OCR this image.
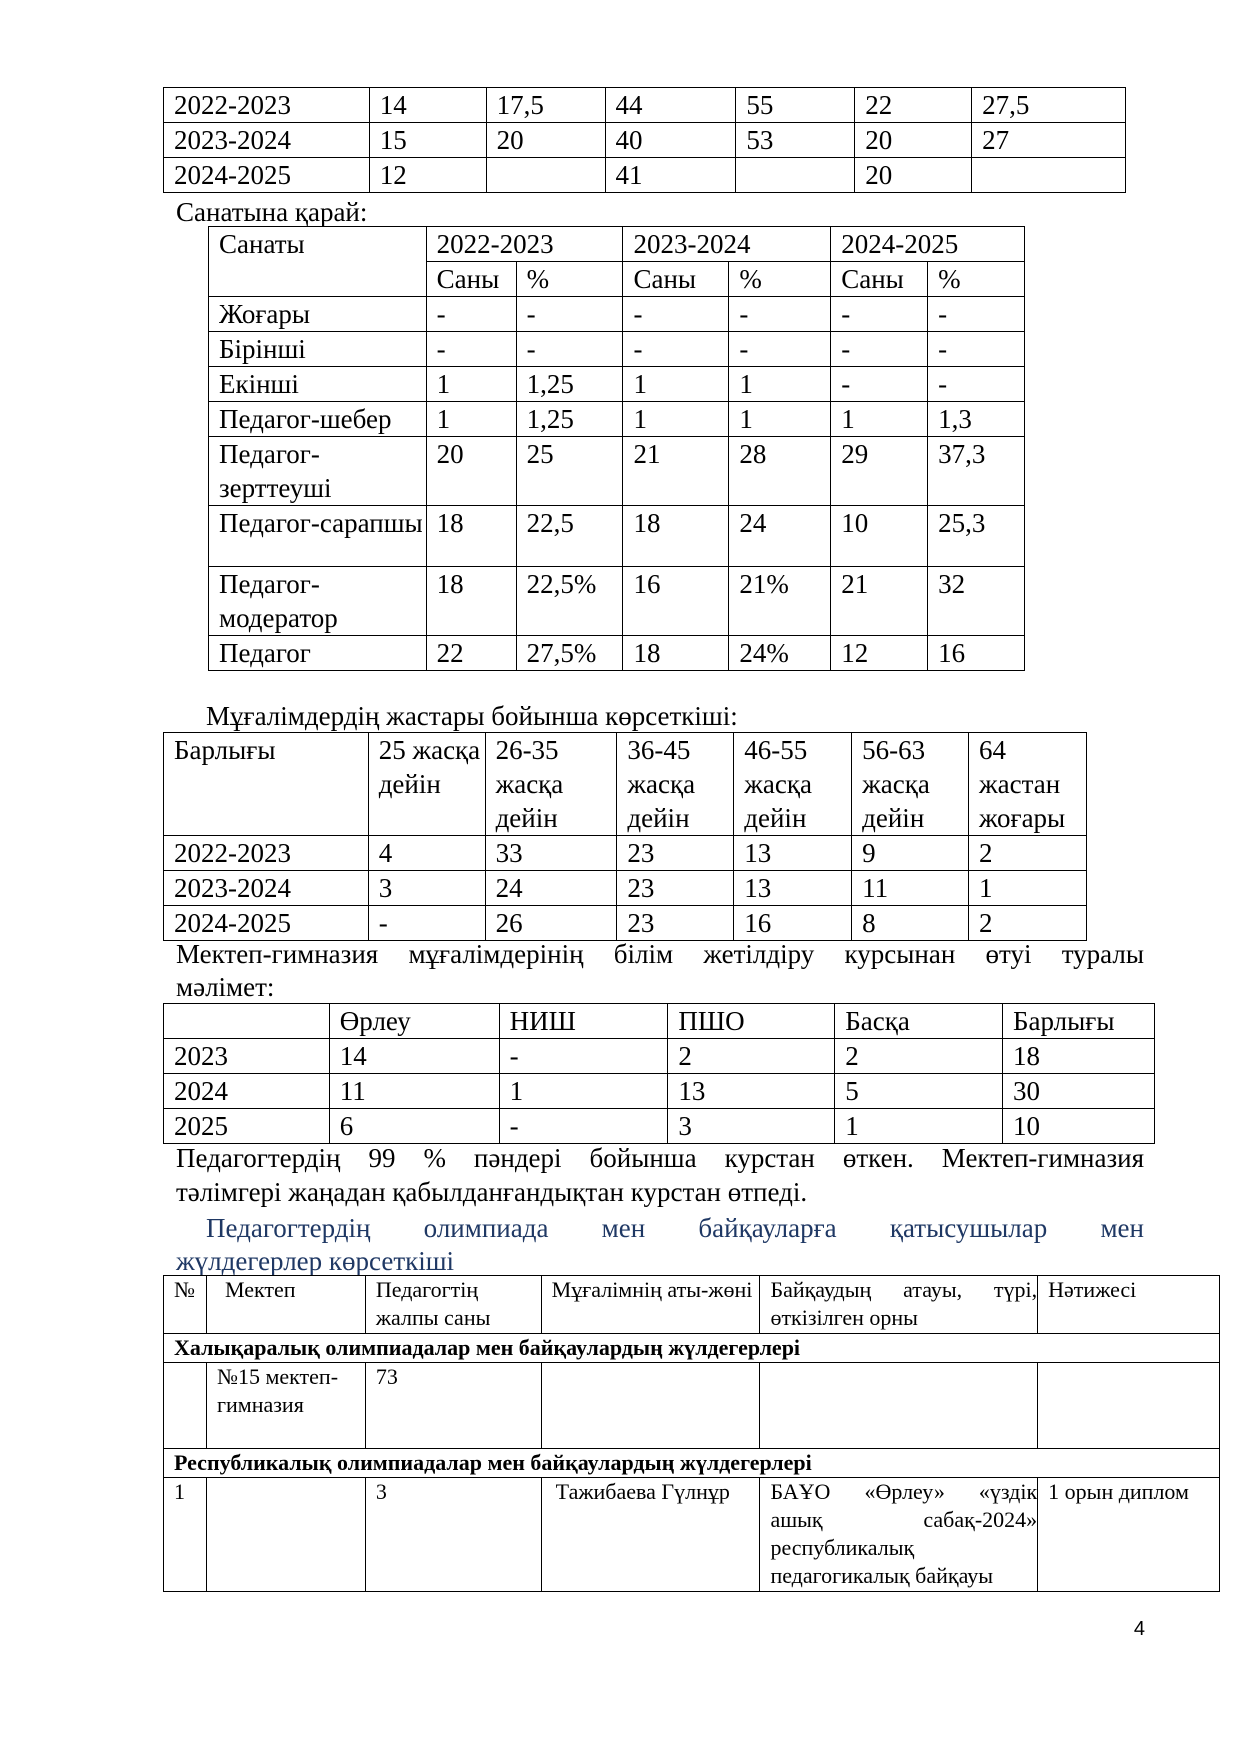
2022-2023	14	17,5	44	55	22	27,5
2023-2024	15	20	40	53	20	27
2024-2025	12		41		20	
Санатына қарай:
Санаты	2022-2023		2023-2024		2024-2025	
	Саны	%	Саны	%	Саны	%
Жоғары	-	-	-	-	-	-
Бірінші	-	-	-	-	-	-
Екінші	1	1,25	1	1	-	-
Педагог-шебер	1	1,25	1	1	1	1,3
Педагог-зерттеуші	20	25	21	28	29	37,3
Педагог-сарапшы	18	22,5	18	24	10	25,3
Педагог-модератор	18	22,5%	16	21%	21	32
Педагог	22	27,5%	18	24%	12	16
Мұғалімдердің жастары бойынша көрсеткіші:
Барлығы	25 жасқа дейін	26-35 жасқа дейін	36-45 жасқа дейін	46-55 жасқа дейін	56-63 жасқа дейін	64 жастан жоғары
2022-2023	4	33	23	13	9	2
2023-2024	3	24	23	13	11	1
2024-2025	-	26	23	16	8	2
Мектеп-гимназия мұғалімдерінің білім жетілдіру курсынан өтуі туралы
мәлімет:
	Өрлеу	НИШ	ПШО	Басқа	Барлығы
2023	14	-	2	2	18
2024	11	1	13	5	30
2025	6	-	3	1	10
Педагогтердің 99 % пәндері бойынша курстан өткен. Мектеп-гимназия
тәлімгері жаңадан қабылданғандықтан курстан өтпеді.
Педагогтердің олимпиада мен байқауларға қатысушылар мен
жүлдегерлер көрсеткіші
№	Мектеп	Педагогтің жалпы саны	Мұғалімнің аты-жөні	Байқаудың атауы, түрі, өткізілген орны	Нәтижесі
Халықаралық олимпиадалар мен байқаулардың жүлдегерлері					
	№15 мектеп-гимназия	73			
Республикалық олимпиадалар мен байқаулардың жүлдегерлері					
1		3	Тажибаева Гүлнұр	БАҰО «Өрлеу» «үздік ашық сабақ-2024» республикалық педагогикалық байқауы	1 орын диплом
4
